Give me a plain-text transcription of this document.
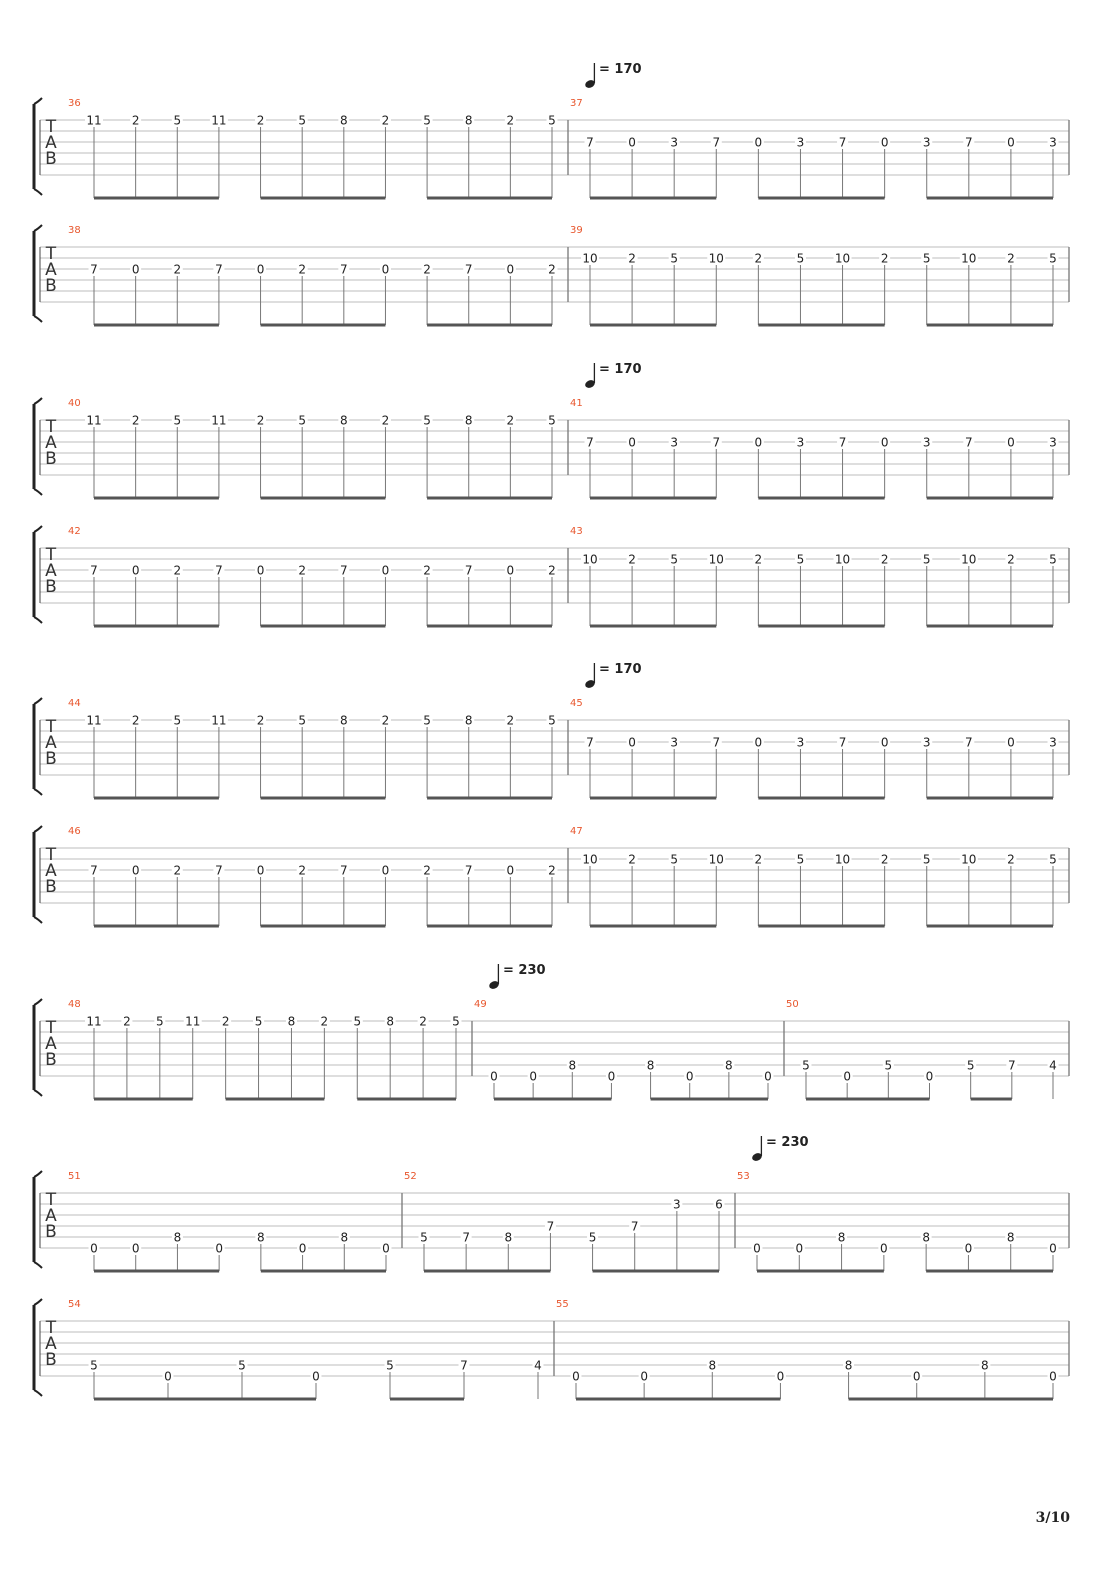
T
A
B
36
11	2	5	11	2	5	8	2	5	8	2	5
37
= 170
7	0	3	7	0	3	7	0	3	7	0	3
T
A
B
38
7	0	2	7	0	2	7	0	2	7	0	2
39
10	2	5	10	2	5	10	2	5	10	2	5
T
A
B
40
11	2	5	11	2	5	8	2	5	8	2	5
41
= 170
7	0	3	7	0	3	7	0	3	7	0	3
T
A
B
42
7	0	2	7	0	2	7	0	2	7	0	2
43
10	2	5	10	2	5	10	2	5	10	2	5
T
A
B
44
11	2	5	11	2	5	8	2	5	8	2	5
45
= 170
7	0	3	7	0	3	7	0	3	7	0	3
T
A
B
46
7	0	2	7	0	2	7	0	2	7	0	2
47
10	2	5	10	2	5	10	2	5	10	2	5
T
A
B
48
11 2 5 11 2 5 8 2 5 8 2 5
49
= 230
0	0
8
0
8
0
8
0
50
5
0
5
0
5	7	4
T
A
B
51
0	0
8
0
8
0
8
0
52
5	7	8
7
5
7
3	6
53
= 230
0	0
8
0
8
0
8
0
T
A
B
54
5
0
5
0
5	7	4
55
0	0
8
0
8
0
8
0
3/10
